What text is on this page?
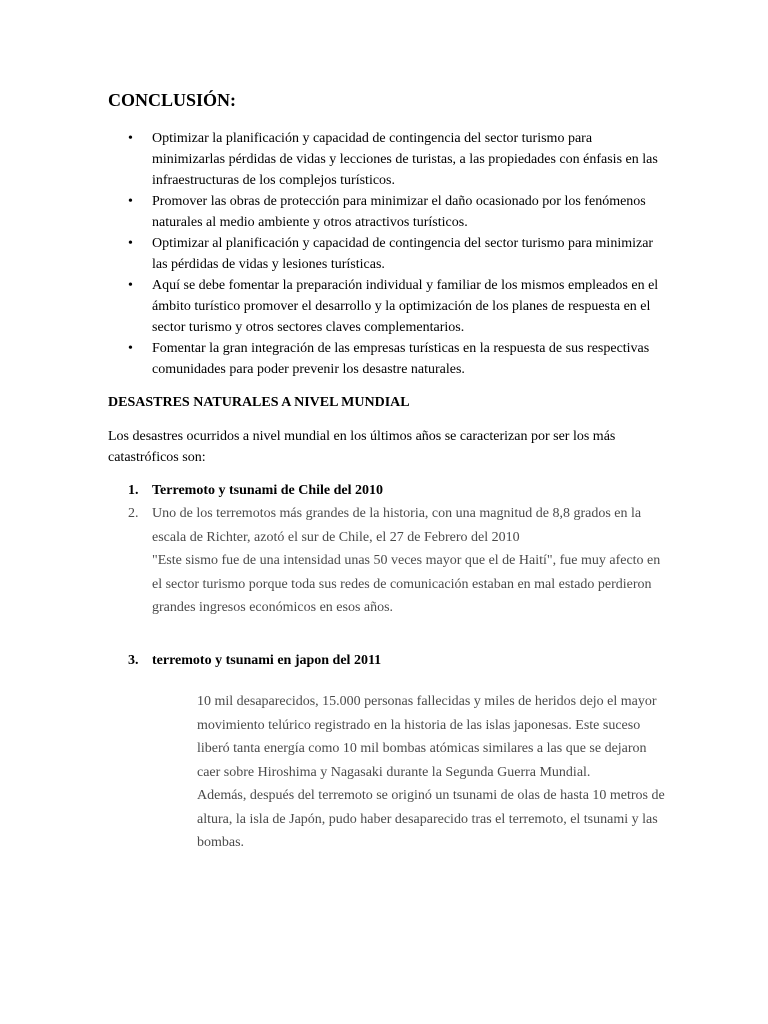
CONCLUSIÓN:
• Optimizar la planificación y capacidad de contingencia del sector turismo para minimizarlas pérdidas de vidas y lecciones de turistas, a las propiedades con énfasis en las infraestructuras de los complejos turísticos.
• Promover las obras de protección para minimizar el daño ocasionado por los fenómenos naturales al medio ambiente y otros atractivos turísticos.
• Optimizar al planificación y capacidad de contingencia del sector turismo para minimizar las pérdidas de vidas y lesiones turísticas.
• Aquí se debe fomentar la preparación individual y familiar de los mismos empleados en el ámbito turístico promover el desarrollo y la optimización de los planes de respuesta en el sector turismo y otros sectores claves complementarios.
• Fomentar la gran integración de las empresas turísticas en la respuesta de sus respectivas comunidades para poder prevenir los desastre naturales.
DESASTRES NATURALES A NIVEL MUNDIAL

Los desastres ocurridos a nivel mundial en los últimos años se caracterizan por ser los más catastróficos son:

1. Terremoto y tsunami de Chile del 2010
2. Uno de los terremotos más grandes de la historia, con una magnitud de 8,8 grados en la escala de Richter, azotó el sur de Chile, el 27 de Febrero del 2010
"Este sismo fue de una intensidad unas 50 veces mayor que el de Haití", fue muy afecto en el sector turismo porque toda sus redes de comunicación estaban en mal estado perdieron grandes ingresos económicos en esos años.
3. terremoto y tsunami en japon del 2011

10 mil desaparecidos, 15.000 personas fallecidas y miles de heridos dejo el mayor movimiento telúrico registrado en la historia de las islas japonesas. Este suceso liberó tanta energía como 10 mil bombas atómicas similares a las que se dejaron caer sobre Hiroshima y Nagasaki durante la Segunda Guerra Mundial.

Además, después del terremoto se originó un tsunami de olas de hasta 10 metros de altura, la isla de Japón, pudo haber desaparecido tras el terremoto, el tsunami y las bombas.
